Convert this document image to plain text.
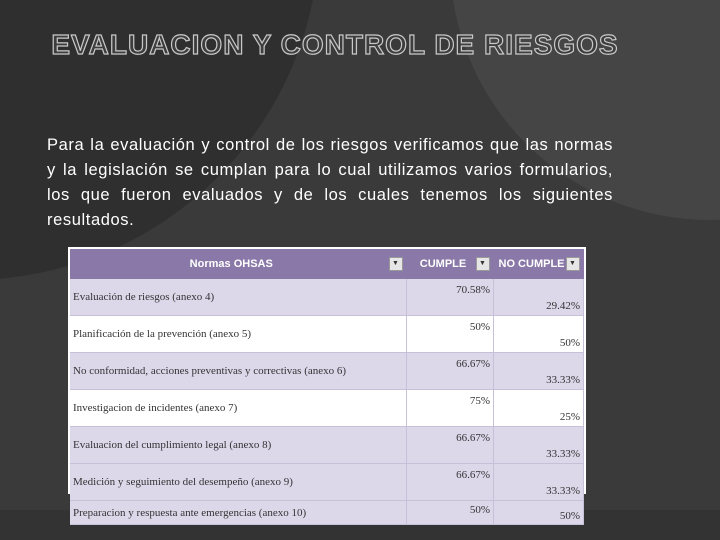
EVALUACION Y CONTROL DE RIESGOS
Para la evaluación y control de los riesgos verificamos que las normas y la legislación se cumplan para lo cual utilizamos varios formularios, los que fueron evaluados y de los cuales tenemos los siguientes resultados.
Normas OHSAS ▼	CUMPLE ▼	NO CUMPLE ▼

Evaluación de riesgos (anexo 4)	70.58%	29.42%
Planificación de la prevención (anexo 5)	50%	50%
No conformidad, acciones preventivas y correctivas (anexo 6)	66.67%	33.33%
Investigacion de incidentes (anexo 7)	75%	25%
Evaluacion del cumplimiento legal (anexo 8)	66.67%	33.33%
Medición y seguimiento del desempeño (anexo 9)	66.67%	33.33%
Preparacion y respuesta ante emergencias (anexo 10)	50%	50%
